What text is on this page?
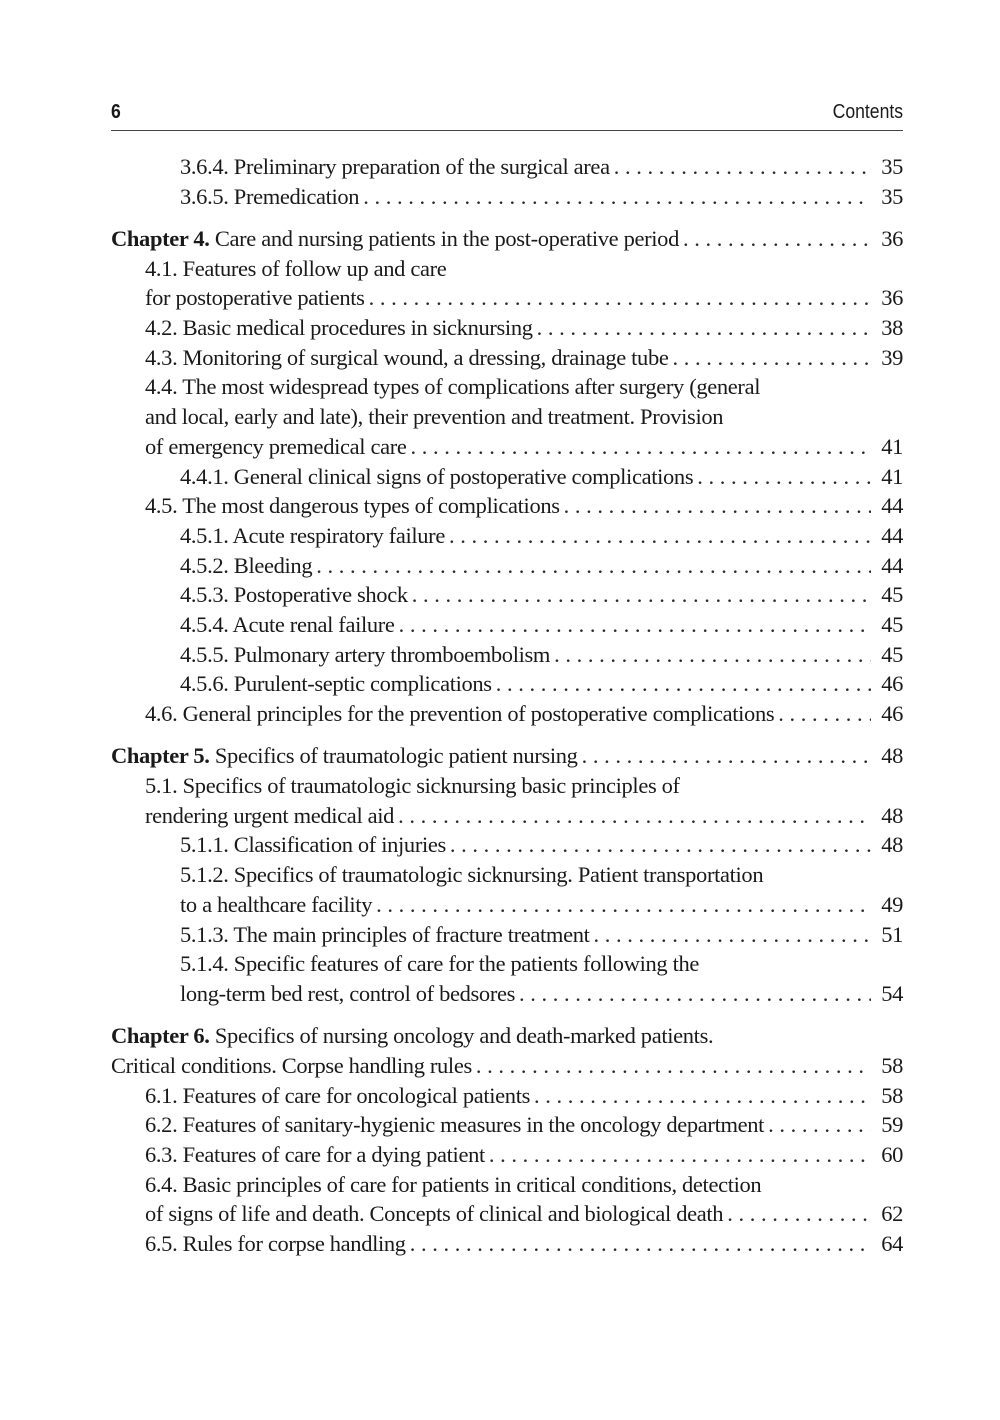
6	Contents
3.6.4. Preliminary preparation of the surgical area . . .	35
3.6.5. Premedication . . .	35
Chapter 4. Care and nursing patients in the post-operative period . . .	36
4.1. Features of follow up and care
for postoperative patients . . .	36
4.2. Basic medical procedures in sicknursing . . .	38
4.3. Monitoring of surgical wound, a dressing, drainage tube . . .	39
4.4. The most widespread types of complications after surgery (general
and local, early and late), their prevention and treatment. Provision
of emergency premedical care . . .	41
4.4.1. General clinical signs of postoperative complications . . .	41
4.5. The most dangerous types of complications . . .	44
4.5.1. Acute respiratory failure . . .	44
4.5.2. Bleeding . . .	44
4.5.3. Postoperative shock . . .	45
4.5.4. Acute renal failure . . .	45
4.5.5. Pulmonary artery thromboembolism . . .	45
4.5.6. Purulent-septic complications . . .	46
4.6. General principles for the prevention of postoperative complications . . .	46
Chapter 5. Specifics of traumatologic patient nursing . . .	48
5.1. Specifics of traumatologic sicknursing basic principles of
rendering urgent medical aid . . .	48
5.1.1. Classification of injuries . . .	48
5.1.2. Specifics of traumatologic sicknursing. Patient transportation
to a healthcare facility . . .	49
5.1.3. The main principles of fracture treatment . . .	51
5.1.4. Specific features of care for the patients following the
long-term bed rest, control of bedsores . . .	54
Chapter 6. Specifics of nursing oncology and death-marked patients.
Critical conditions. Corpse handling rules . . .	58
6.1. Features of care for oncological patients . . .	58
6.2. Features of sanitary-hygienic measures in the oncology department . . .	59
6.3. Features of care for a dying patient . . .	60
6.4. Basic principles of care for patients in critical conditions, detection
of signs of life and death. Concepts of clinical and biological death . . .	62
6.5. Rules for corpse handling . . .	64
